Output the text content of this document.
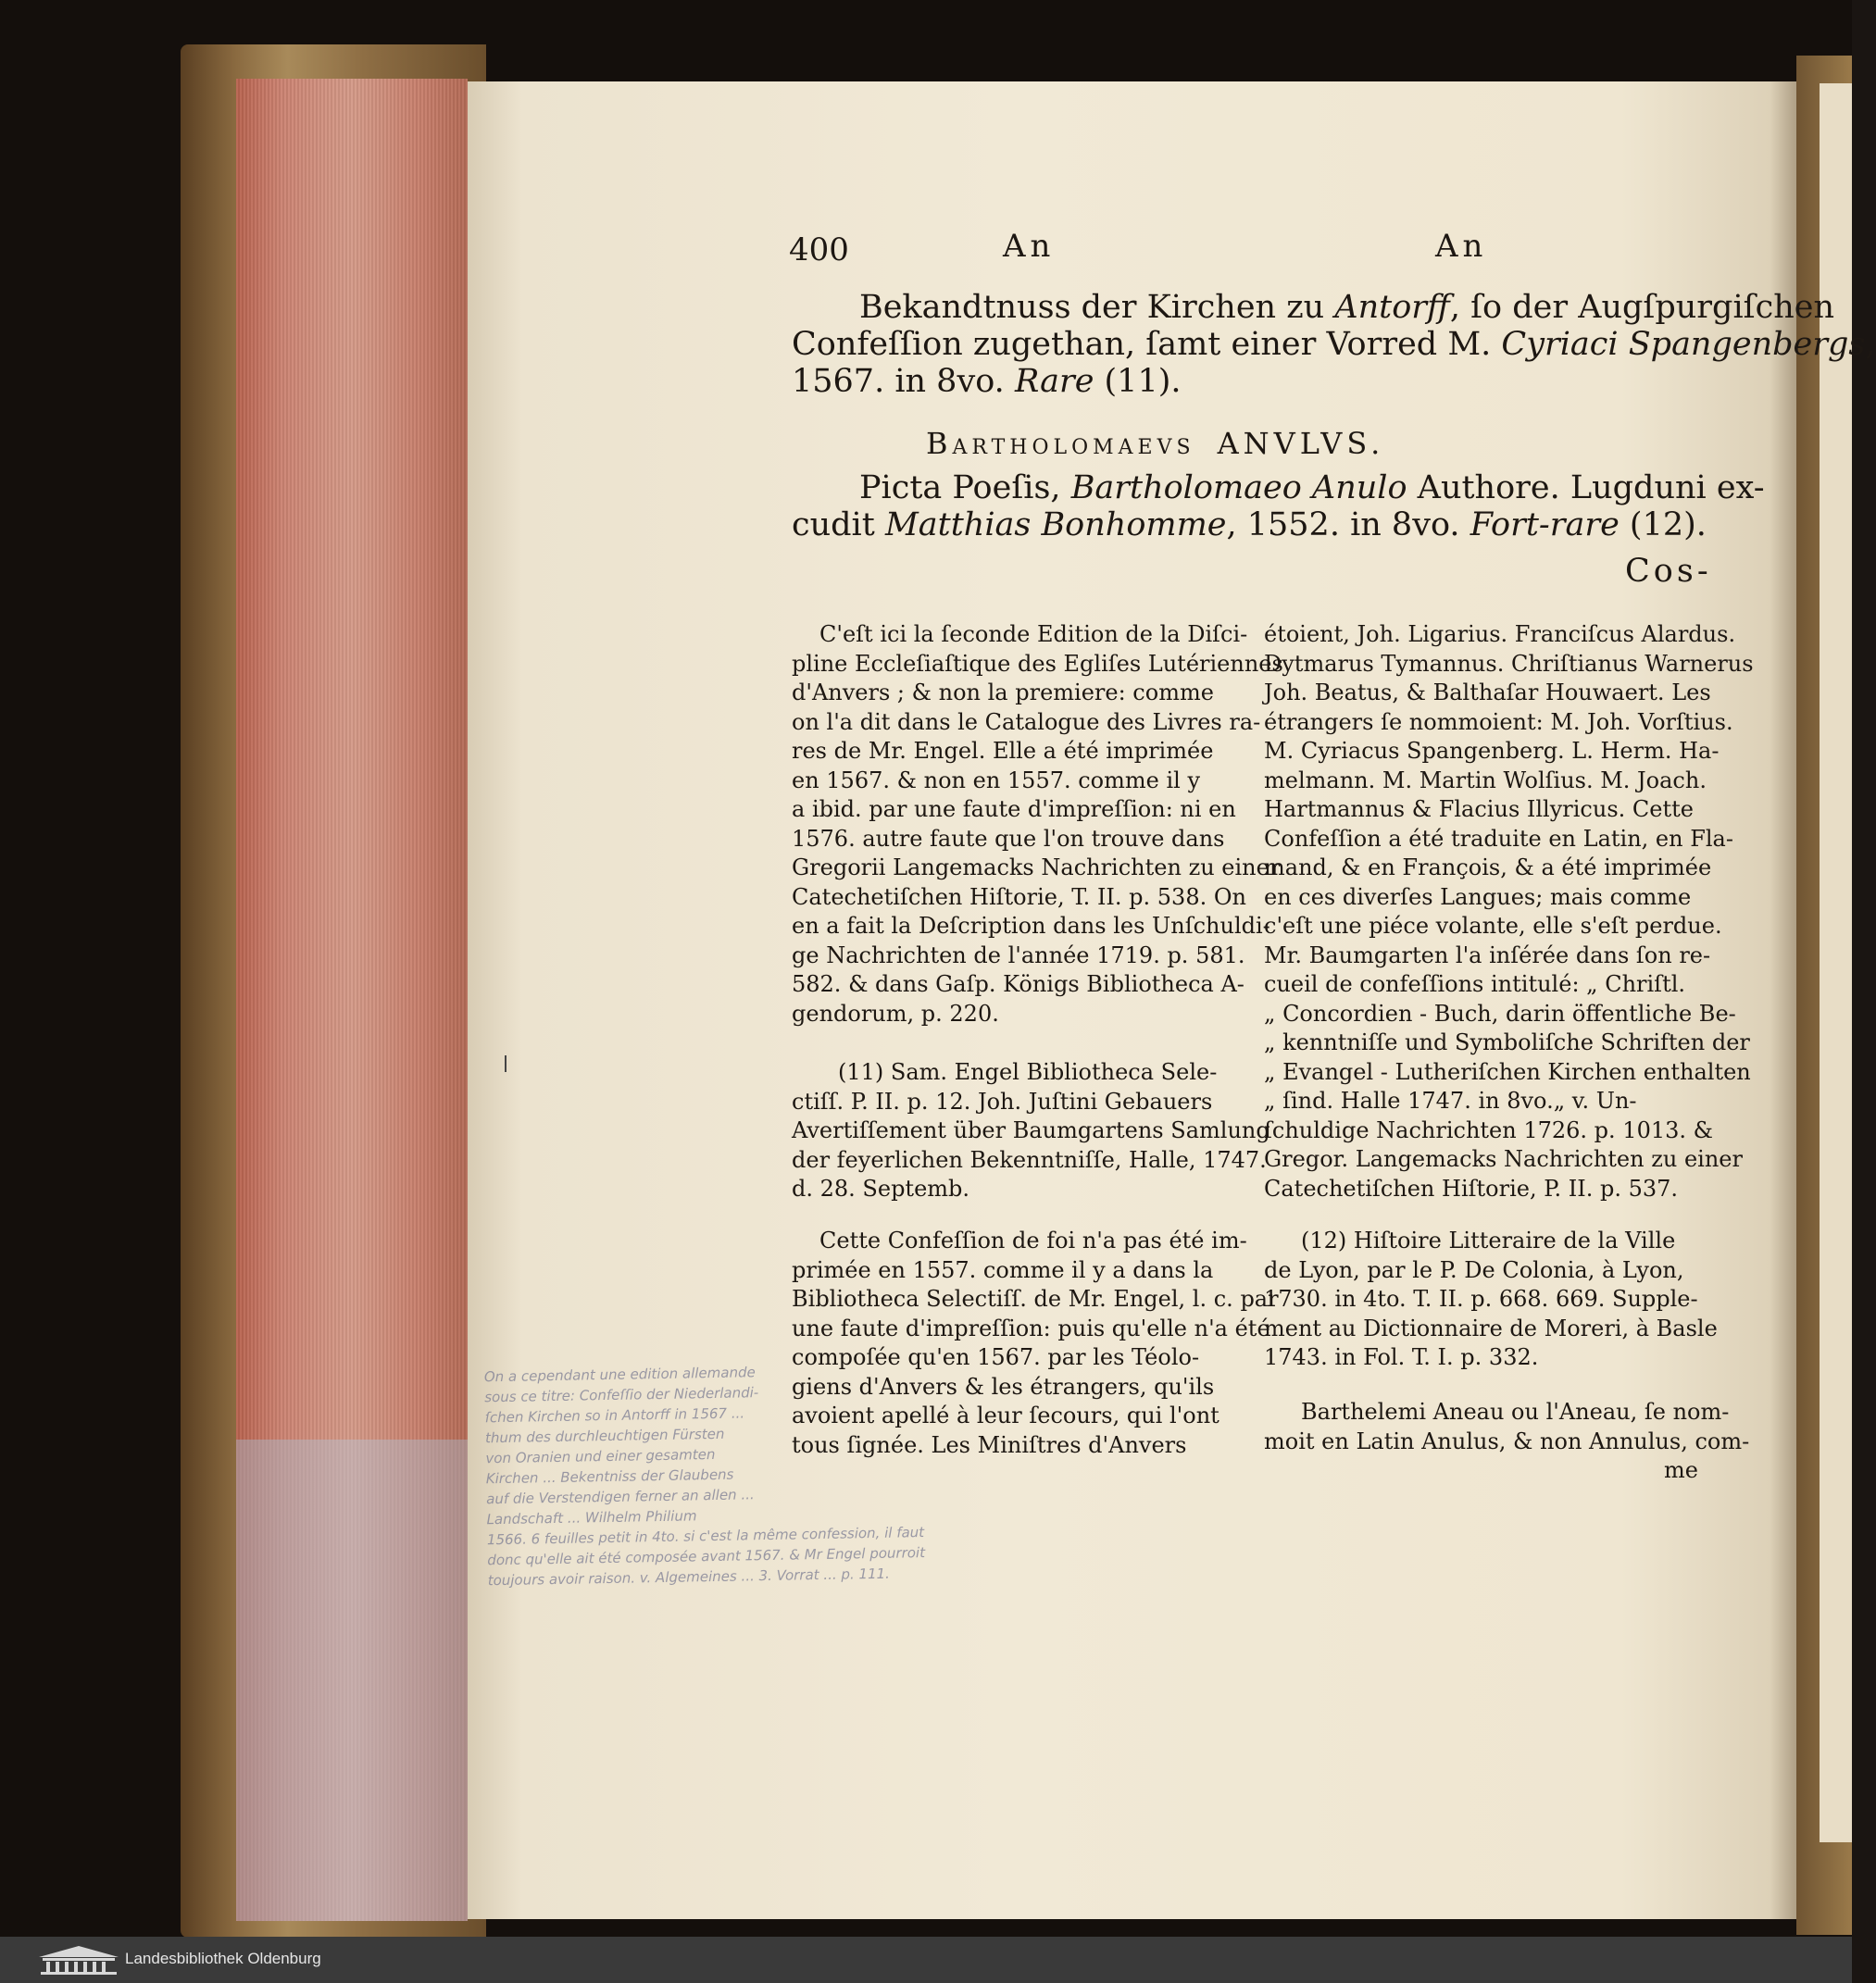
400	An	An
Bekandtnuss der Kirchen zu Antorff, ſo der Augſpurgiſchen
Confeſſion zugethan, ſamt einer Vorred M. Cyriaci Spangenbergs,
1567. in 8vo. Rare (11).
Bartholomaevs ANVLVS.
Picta Poeſis, Bartholomaeo Anulo Authore. Lugduni ex-
cudit Matthias Bonhomme, 1552. in 8vo. Fort-rare (12).
Cos-
C'eſt ici la ſeconde Edition de la Diſci-
pline Eccleſiaſtique des Egliſes Lutériennes
d'Anvers ; & non la premiere: comme
on l'a dit dans le Catalogue des Livres ra-
res de Mr. Engel. Elle a été imprimée
en 1567. & non en 1557. comme il y
a ibid. par une faute d'impreſſion: ni en
1576. autre faute que l'on trouve dans
Gregorii Langemacks Nachrichten zu einer
Catechetiſchen Hiſtorie, T. II. p. 538. On
en a fait la Deſcription dans les Unſchuldi-
ge Nachrichten de l'année 1719. p. 581.
582. & dans Gaſp. Königs Bibliotheca A-
gendorum, p. 220.
(11) Sam. Engel Bibliotheca Sele-
ctiſſ. P. II. p. 12. Joh. Juſtini Gebauers
Avertiſſement über Baumgartens Samlung
der feyerlichen Bekenntniſſe, Halle, 1747.
d. 28. Septemb.
Cette Confeſſion de foi n'a pas été im-
primée en 1557. comme il y a dans la
Bibliotheca Selectiſſ. de Mr. Engel, l. c. par
une faute d'impreſſion: puis qu'elle n'a été
compoſée qu'en 1567. par les Téolo-
giens d'Anvers & les étrangers, qu'ils
avoient apellé à leur ſecours, qui l'ont
tous ſignée. Les Miniſtres d'Anvers
étoient, Joh. Ligarius. Franciſcus Alardus.
Dytmarus Tymannus. Chriſtianus Warnerus
Joh. Beatus, & Balthaſar Houwaert. Les
étrangers ſe nommoient: M. Joh. Vorſtius.
M. Cyriacus Spangenberg. L. Herm. Ha-
melmann. M. Martin Wolſius. M. Joach.
Hartmannus & Flacius Illyricus. Cette
Confeſſion a été traduite en Latin, en Fla-
mand, & en François, & a été imprimée
en ces diverſes Langues; mais comme
c'eſt une piéce volante, elle s'eſt perdue.
Mr. Baumgarten l'a inſérée dans ſon re-
cueil de confeſſions intitulé: „ Chriſtl.
„ Concordien - Buch, darin öffentliche Be-
„ kenntniſſe und Symboliſche Schriften der
„ Evangel - Lutheriſchen Kirchen enthalten
„ ſind. Halle 1747. in 8vo.„ v. Un-
ſchuldige Nachrichten 1726. p. 1013. &
Gregor. Langemacks Nachrichten zu einer
Catechetiſchen Hiſtorie, P. II. p. 537.
(12) Hiſtoire Litteraire de la Ville
de Lyon, par le P. De Colonia, à Lyon,
1730. in 4to. T. II. p. 668. 669. Supple-
ment au Dictionnaire de Moreri, à Basle
1743. in Fol. T. I. p. 332.
Barthelemi Aneau ou l'Aneau, ſe nom-
moit en Latin Anulus, & non Annulus, com-
me
On a cependant une edition allemande
sous ce titre: Confeſſio der Niederlandi-
ſchen Kirchen so in Antorff in 1567 ...
thum des durchleuchtigen Fürsten
von Oranien und einer gesamten
Kirchen ... Bekentniss der Glaubens
auf die Verstendigen ferner an allen ...
Landschaft ... Wilhelm Philium
1566. 6 feuilles petit in 4to. si c'est la même confession, il faut
donc qu'elle ait été composée avant 1567. & Mr Engel pourroit
toujours avoir raison. v. Algemeines ... 3. Vorrat ... p. 111.
Landesbibliothek Oldenburg
